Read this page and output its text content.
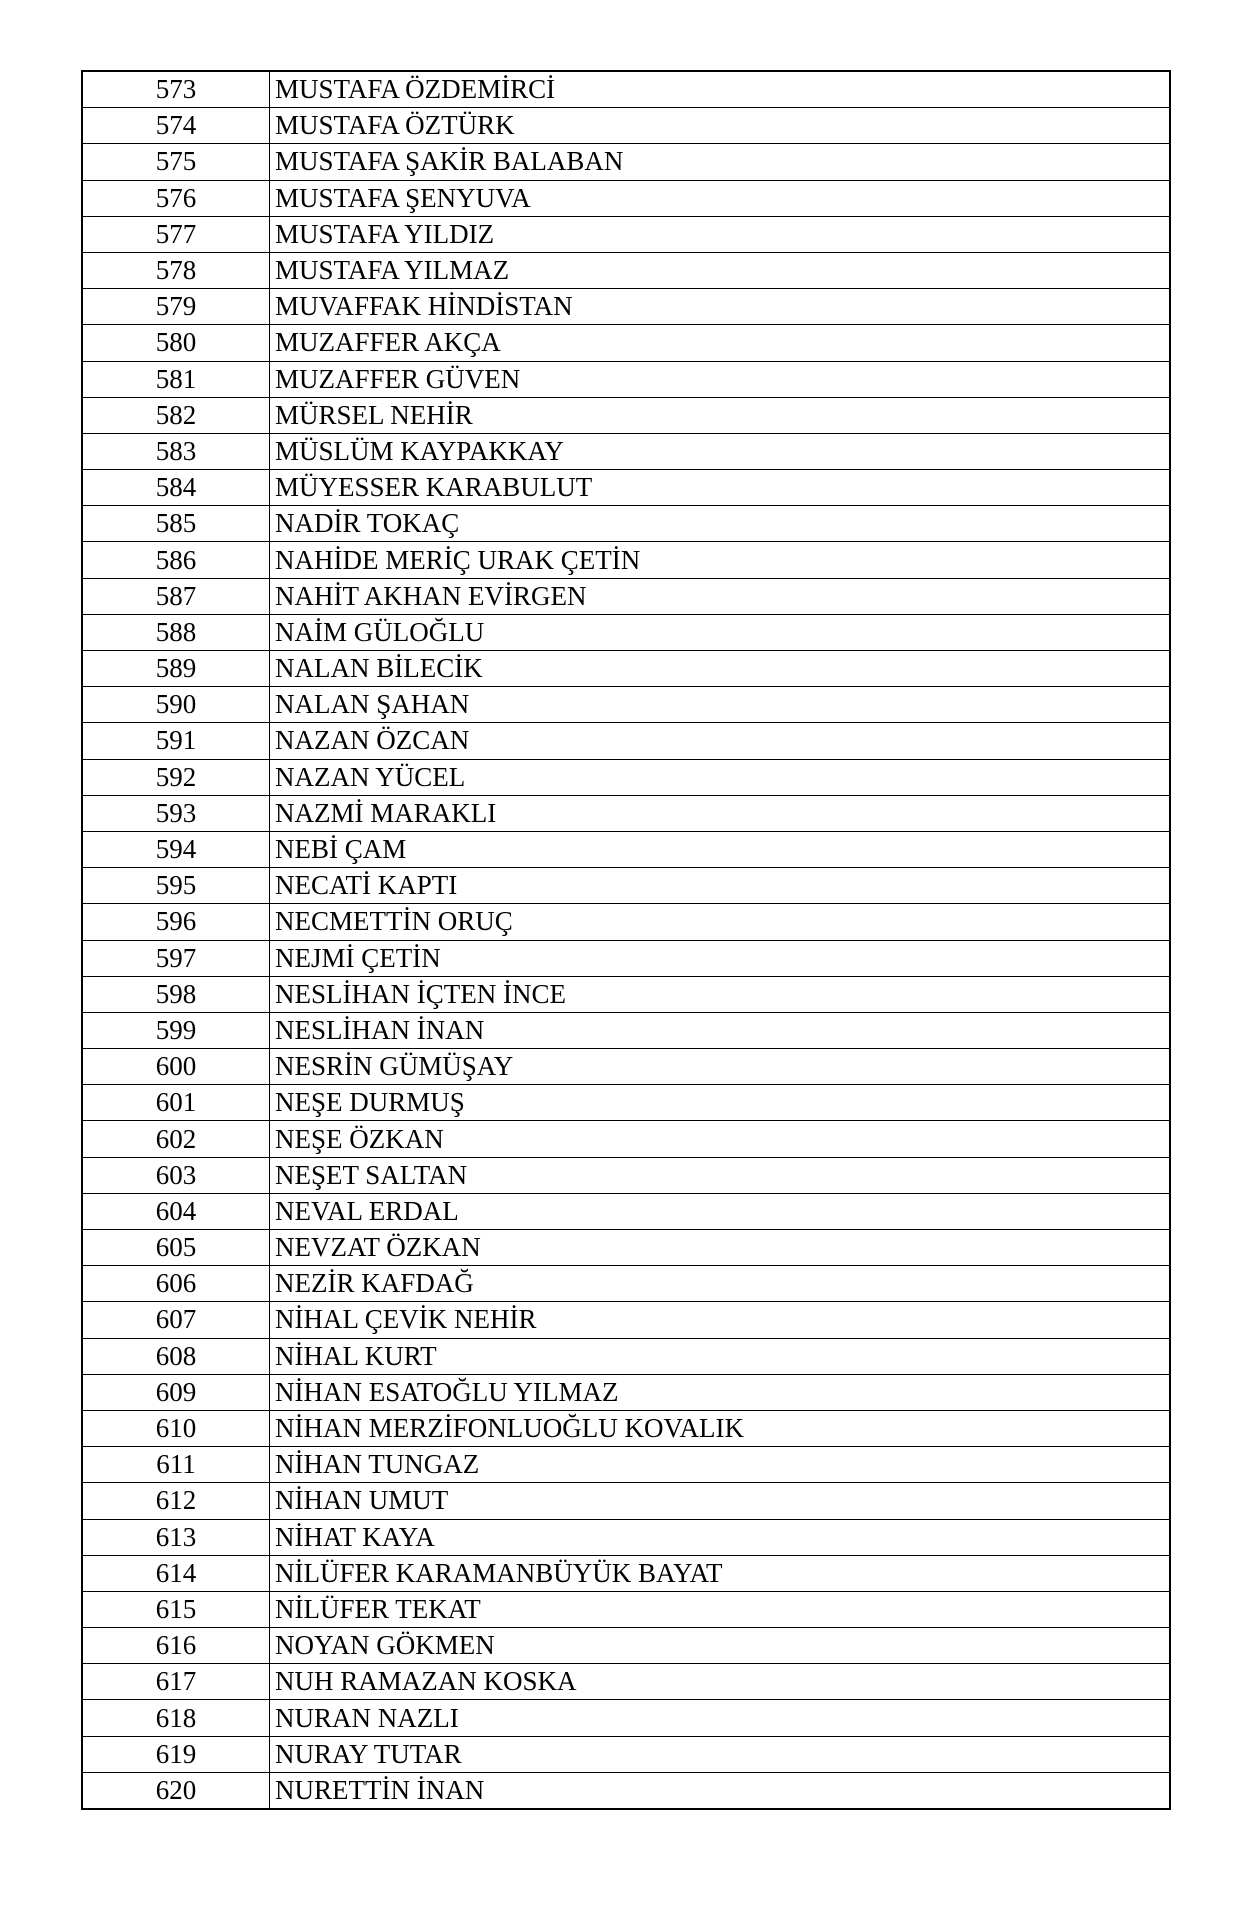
573	MUSTAFA ÖZDEMİRCİ
574	MUSTAFA ÖZTÜRK
575	MUSTAFA ŞAKİR BALABAN
576	MUSTAFA ŞENYUVA
577	MUSTAFA YILDIZ
578	MUSTAFA YILMAZ
579	MUVAFFAK HİNDİSTAN
580	MUZAFFER AKÇA
581	MUZAFFER GÜVEN
582	MÜRSEL NEHİR
583	MÜSLÜM KAYPAKKAY
584	MÜYESSER KARABULUT
585	NADİR TOKAÇ
586	NAHİDE MERİÇ URAK ÇETİN
587	NAHİT AKHAN EVİRGEN
588	NAİM GÜLOĞLU
589	NALAN BİLECİK
590	NALAN ŞAHAN
591	NAZAN ÖZCAN
592	NAZAN YÜCEL
593	NAZMİ MARAKLI
594	NEBİ ÇAM
595	NECATİ KAPTI
596	NECMETTİN ORUÇ
597	NEJMİ ÇETİN
598	NESLİHAN İÇTEN İNCE
599	NESLİHAN İNAN
600	NESRİN GÜMÜŞAY
601	NEŞE DURMUŞ
602	NEŞE ÖZKAN
603	NEŞET SALTAN
604	NEVAL ERDAL
605	NEVZAT ÖZKAN
606	NEZİR KAFDAĞ
607	NİHAL ÇEVİK NEHİR
608	NİHAL KURT
609	NİHAN ESATOĞLU YILMAZ
610	NİHAN MERZİFONLUOĞLU KOVALIK
611	NİHAN TUNGAZ
612	NİHAN UMUT
613	NİHAT KAYA
614	NİLÜFER KARAMANBÜYÜK BAYAT
615	NİLÜFER TEKAT
616	NOYAN GÖKMEN
617	NUH RAMAZAN KOSKA
618	NURAN NAZLI
619	NURAY TUTAR
620	NURETTİN İNAN
